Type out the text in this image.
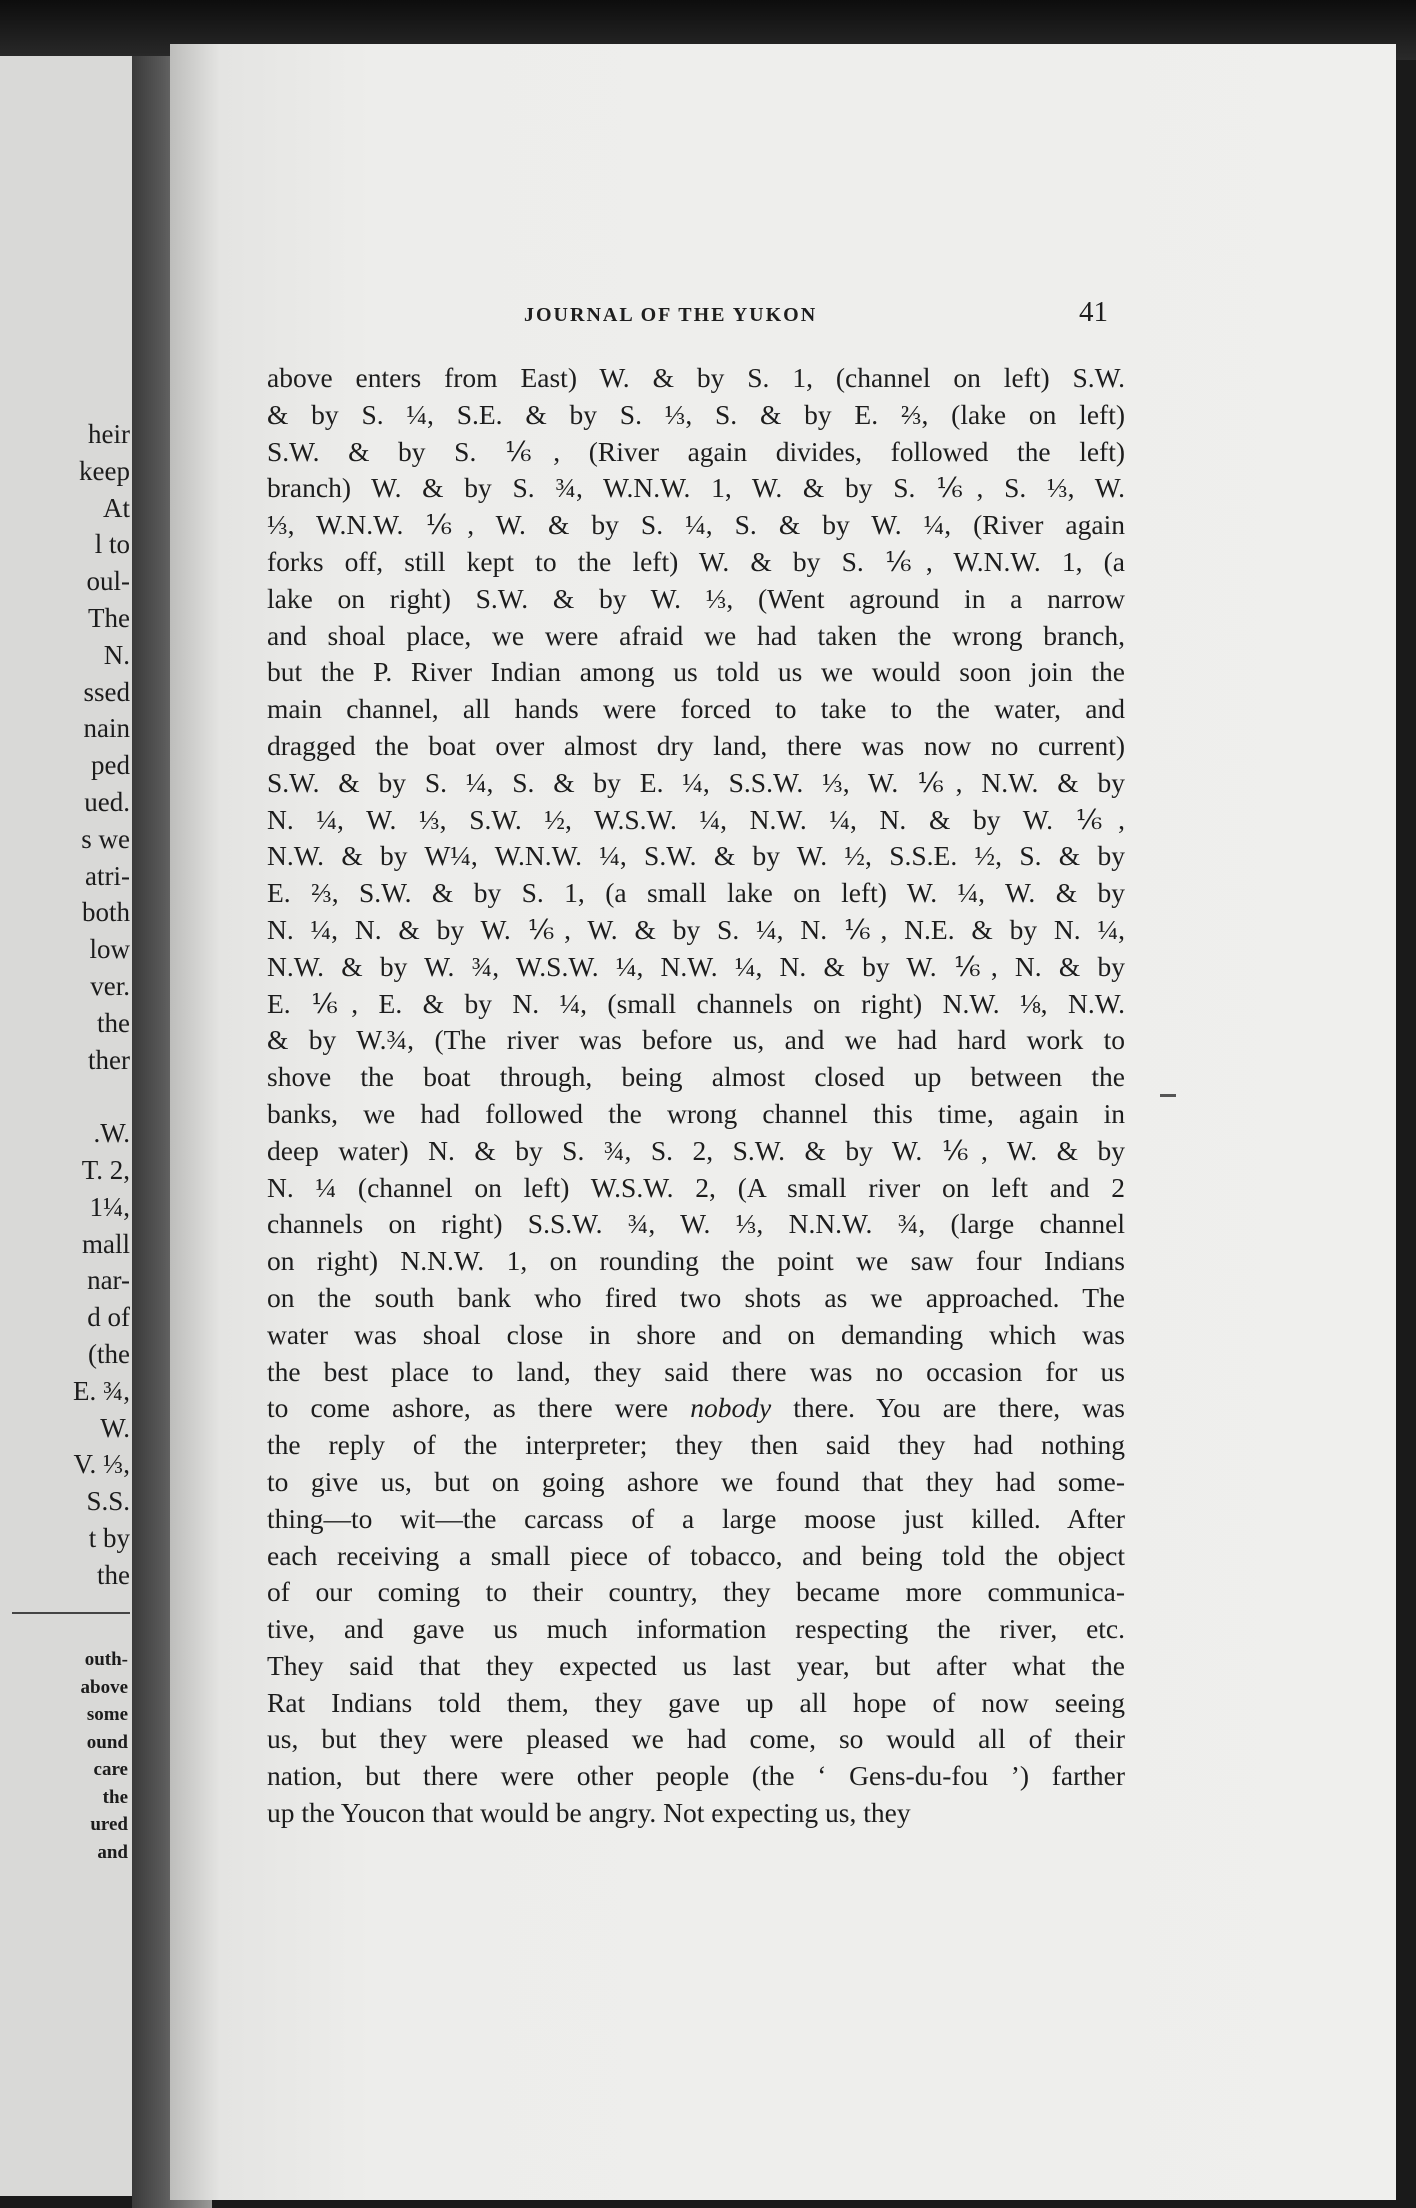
heir
keep
At
l to
oul-
The
N.
ssed
nain
ped
ued.
s we
atri-
both
low
ver.
the
ther
.W.
T. 2,
1¼,
mall
nar-
d of
(the
E. ¾,
W.
V. ⅓,
S.S.
t by
the
outh-
above
some
ound
care
the
ured
and
JOURNAL OF THE YUKON	41
above enters from East) W. & by S. 1, (channel on left) S.W.
& by S. ¼, S.E. & by S. ⅓, S. & by E. ⅔, (lake on left)
S.W. & by S. ⅙, (River again divides, followed the left)
branch) W. & by S. ¾, W.N.W. 1, W. & by S. ⅙, S. ⅓, W.
⅓, W.N.W. ⅙, W. & by S. ¼, S. & by W. ¼, (River again
forks off, still kept to the left) W. & by S. ⅙, W.N.W. 1, (a
lake on right) S.W. & by W. ⅓, (Went aground in a narrow
and shoal place, we were afraid we had taken the wrong branch,
but the P. River Indian among us told us we would soon join the
main channel, all hands were forced to take to the water, and
dragged the boat over almost dry land, there was now no current)
S.W. & by S. ¼, S. & by E. ¼, S.S.W. ⅓, W. ⅙, N.W. & by
N. ¼, W. ⅓, S.W. ½, W.S.W. ¼, N.W. ¼, N. & by W. ⅙,
N.W. & by W¼, W.N.W. ¼, S.W. & by W. ½, S.S.E. ½, S. & by
E. ⅔, S.W. & by S. 1, (a small lake on left) W. ¼, W. & by
N. ¼, N. & by W. ⅙, W. & by S. ¼, N. ⅙, N.E. & by N. ¼,
N.W. & by W. ¾, W.S.W. ¼, N.W. ¼, N. & by W. ⅙, N. & by
E. ⅙, E. & by N. ¼, (small channels on right) N.W. ⅛, N.W.
& by W.¾, (The river was before us, and we had hard work to
shove the boat through, being almost closed up between the
banks, we had followed the wrong channel this time, again in
deep water) N. & by S. ¾, S. 2, S.W. & by W. ⅙, W. & by
N. ¼ (channel on left) W.S.W. 2, (A small river on left and 2
channels on right) S.S.W. ¾, W. ⅓, N.N.W. ¾, (large channel
on right) N.N.W. 1, on rounding the point we saw four Indians
on the south bank who fired two shots as we approached. The
water was shoal close in shore and on demanding which was
the best place to land, they said there was no occasion for us
to come ashore, as there were nobody there. You are there, was
the reply of the interpreter; they then said they had nothing
to give us, but on going ashore we found that they had some-
thing—to wit—the carcass of a large moose just killed. After
each receiving a small piece of tobacco, and being told the object
of our coming to their country, they became more communica-
tive, and gave us much information respecting the river, etc.
They said that they expected us last year, but after what the
Rat Indians told them, they gave up all hope of now seeing
us, but they were pleased we had come, so would all of their
nation, but there were other people (the ‘ Gens-du-fou ’) farther
up the Youcon that would be angry. Not expecting us, they
